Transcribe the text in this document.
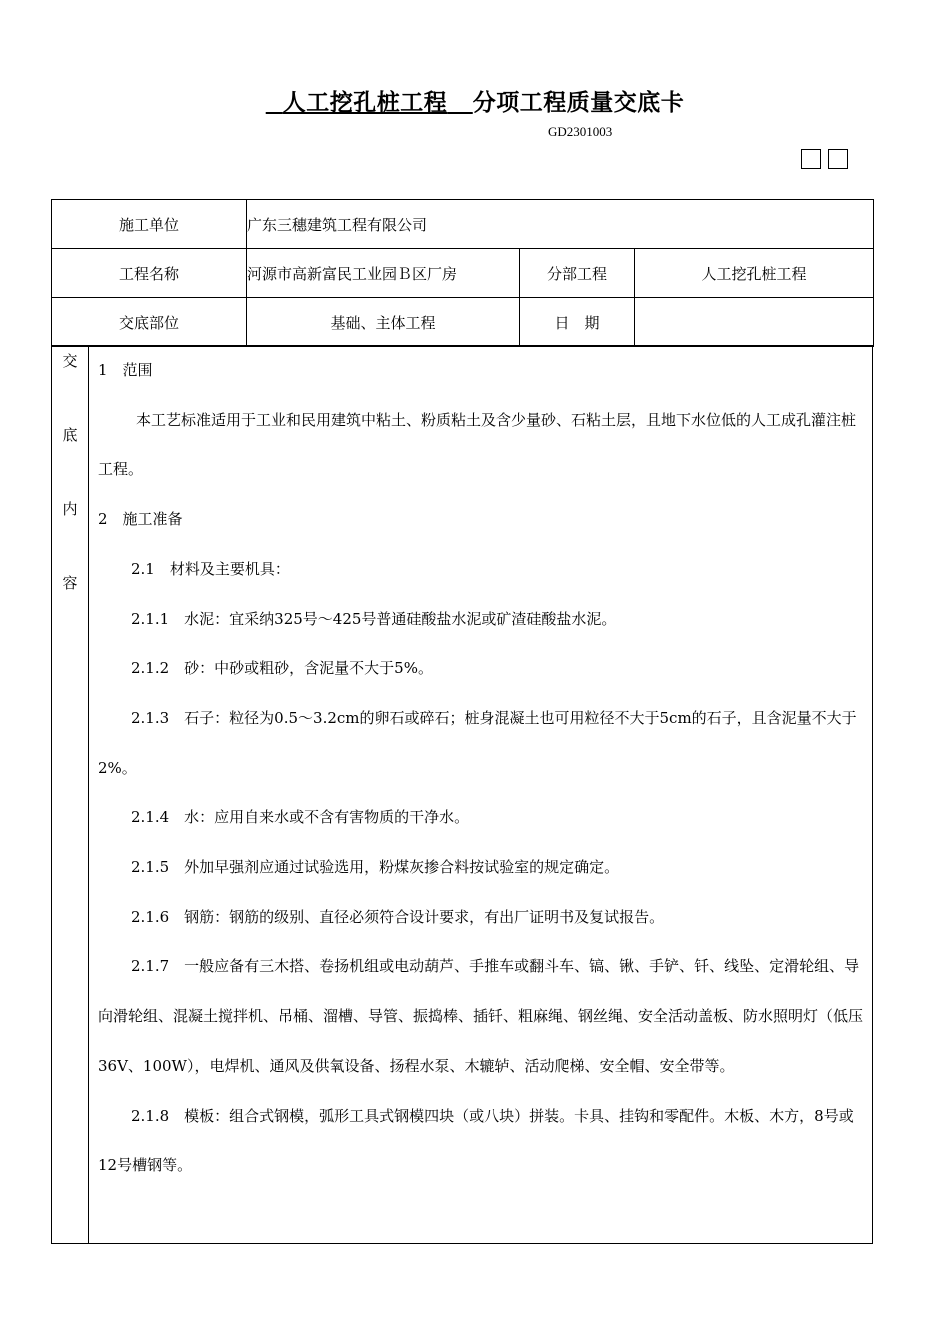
人工挖孔桩工程 分项工程质量交底卡
GD2301003
施工单位	广东三穗建筑工程有限公司		
工程名称	河源市高新富民工业园Ｂ区厂房	分部工程	人工挖孔桩工程
交底部位	基础、主体工程	日　期	
交
底
内
容

1　范围

本工艺标准适用于工业和民用建筑中粘土、粉质粘土及含少量砂、石粘土层，且地下水位低的人工成孔灌注桩工程。

2　施工准备

2.1　材料及主要机具：

2.1.1　水泥：宜采纳325号～425号普通硅酸盐水泥或矿渣硅酸盐水泥。

2.1.2　砂：中砂或粗砂，含泥量不大于5%。

2.1.3　石子：粒径为0.5～3.2cm的卵石或碎石；桩身混凝土也可用粒径不大于5cm的石子，且含泥量不大于2%。

2.1.4　水：应用自来水或不含有害物质的干净水。

2.1.5　外加早强剂应通过试验选用，粉煤灰掺合料按试验室的规定确定。

2.1.6　钢筋：钢筋的级别、直径必须符合设计要求，有出厂证明书及复试报告。

2.1.7　一般应备有三木搭、卷扬机组或电动葫芦、手推车或翻斗车、镐、锹、手铲、钎、线坠、定滑轮组、导向滑轮组、混凝土搅拌机、吊桶、溜槽、导管、振捣棒、插钎、粗麻绳、钢丝绳、安全活动盖板、防水照明灯（低压36V、100W），电焊机、通风及供氧设备、扬程水泵、木辘轳、活动爬梯、安全帽、安全带等。

2.1.8　模板：组合式钢模，弧形工具式钢模四块（或八块）拼装。卡具、挂钩和零配件。木板、木方，8号或12号槽钢等。
